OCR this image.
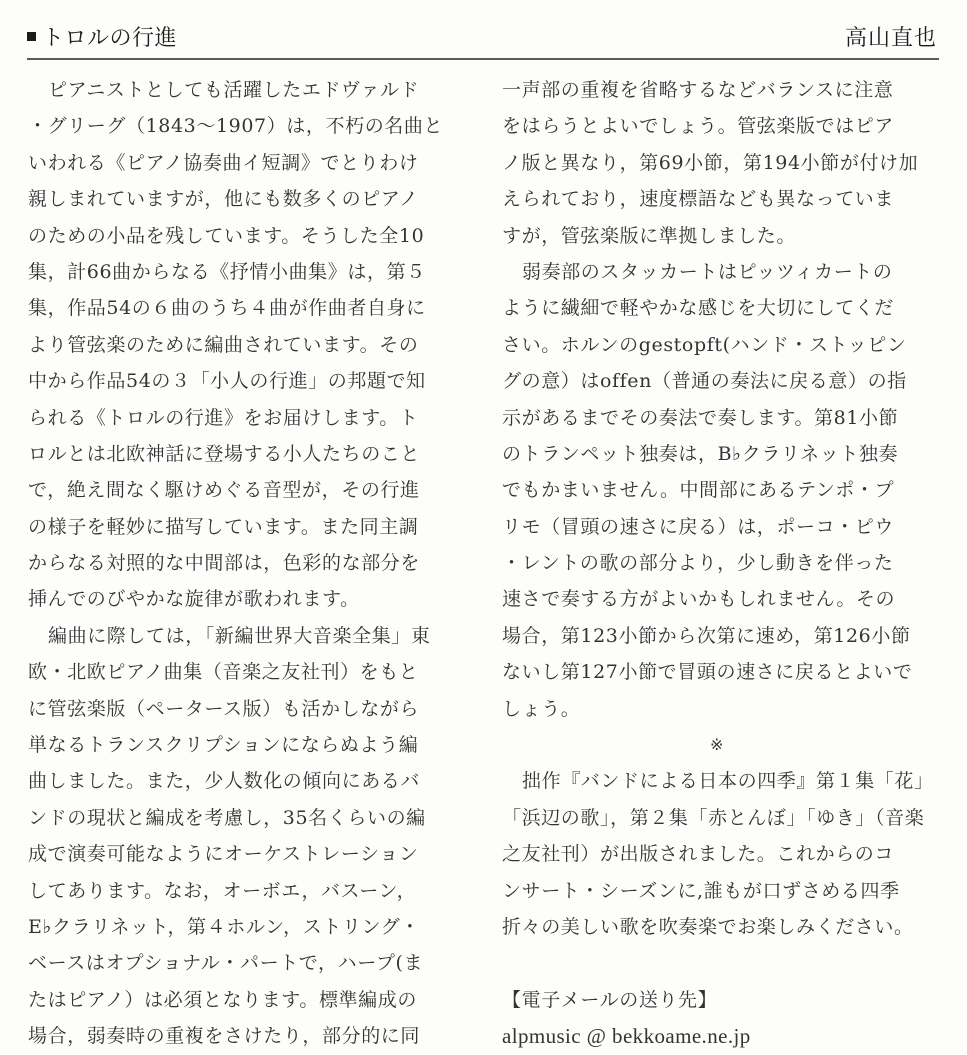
トロルの行進	高山直也
ピアニストとしても活躍したエドヴァルド
・グリーグ（1843〜1907）は，不朽の名曲と
いわれる《ピアノ協奏曲イ短調》でとりわけ
親しまれていますが，他にも数多くのピアノ
のための小品を残しています。そうした全10
集，計66曲からなる《抒情小曲集》は，第５
集，作品54の６曲のうち４曲が作曲者自身に
より管弦楽のために編曲されています。その
中から作品54の３「小人の行進」の邦題で知
られる《トロルの行進》をお届けします。ト
ロルとは北欧神話に登場する小人たちのこと
で，絶え間なく駆けめぐる音型が，その行進
の様子を軽妙に描写しています。また同主調
からなる対照的な中間部は，色彩的な部分を
挿んでのびやかな旋律が歌われます。
編曲に際しては，「新編世界大音楽全集」東
欧・北欧ピアノ曲集（音楽之友社刊）をもと
に管弦楽版（ペータース版）も活かしながら
単なるトランスクリプションにならぬよう編
曲しました。また，少人数化の傾向にあるバ
ンドの現状と編成を考慮し，35名くらいの編
成で演奏可能なようにオーケストレーション
してあります。なお，オーボエ，バスーン，
E♭クラリネット，第４ホルン，ストリング・
ベースはオプショナル・パートで，ハープ(ま
たはピアノ）は必須となります。標準編成の
場合，弱奏時の重複をさけたり，部分的に同
一声部の重複を省略するなどバランスに注意
をはらうとよいでしょう。管弦楽版ではピア
ノ版と異なり，第69小節，第194小節が付け加
えられており，速度標語なども異なっていま
すが，管弦楽版に準拠しました。
弱奏部のスタッカートはピッツィカートの
ように繊細で軽やかな感じを大切にしてくだ
さい。ホルンのgestopft(ハンド・ストッピン
グの意）はoffen（普通の奏法に戻る意）の指
示があるまでその奏法で奏します。第81小節
のトランペット独奏は，B♭クラリネット独奏
でもかまいません。中間部にあるテンポ・プ
リモ（冒頭の速さに戻る）は，ポーコ・ピウ
・レントの歌の部分より，少し動きを伴った
速さで奏する方がよいかもしれません。その
場合，第123小節から次第に速め，第126小節
ないし第127小節で冒頭の速さに戻るとよいで
しょう。
※
拙作『バンドによる日本の四季』第１集「花」
「浜辺の歌」，第２集「赤とんぼ」「ゆき」（音楽
之友社刊）が出版されました。これからのコ
ンサート・シーズンに,誰もが口ずさめる四季
折々の美しい歌を吹奏楽でお楽しみください。
【電子メールの送り先】
alpmusic @ bekkoame.ne.jp
